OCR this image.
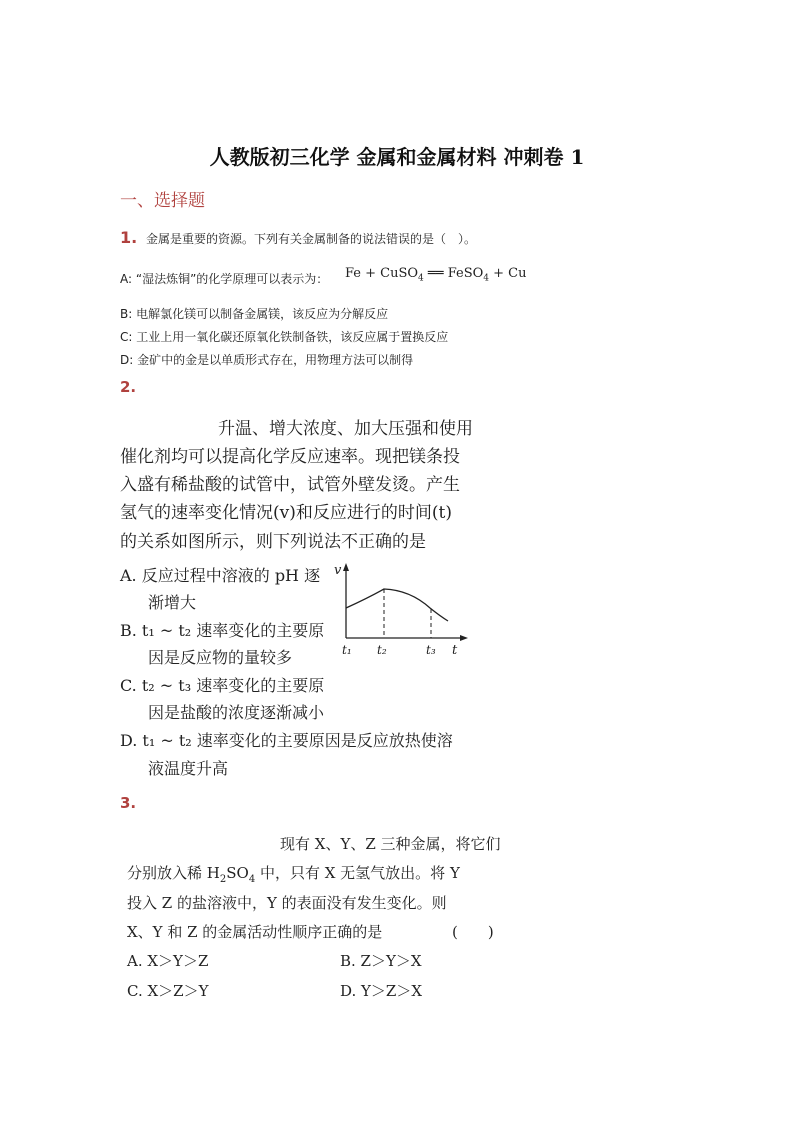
人教版初三化学 金属和金属材料 冲刺卷 1
一、选择题
1. 金属是重要的资源。下列有关金属制备的说法错误的是（　）。
A: “湿法炼铜”的化学原理可以表示为： Fe + CuSO$_4$ ══ FeSO$_4$ + Cu
B: 电解氯化镁可以制备金属镁，该反应为分解反应
C: 工业上用一氧化碳还原氧化铁制备铁，该反应属于置换反应
D: 金矿中的金是以单质形式存在，用物理方法可以制得
2.
升温、增大浓度、加大压强和使用
催化剂均可以提高化学反应速率。现把镁条投
入盛有稀盐酸的试管中，试管外壁发烫。产生
氢气的速率变化情况(v)和反应进行的时间(t)
的关系如图所示，则下列说法不正确的是
A. 反应过程中溶液的 pH 逐
渐增大
B. t₁ ~ t₂ 速率变化的主要原
因是反应物的量较多
C. t₂ ~ t₃ 速率变化的主要原
因是盐酸的浓度逐渐减小
D. t₁ ~ t₂ 速率变化的主要原因是反应放热使溶
液温度升高
v
t
t₁ t₂	t₃
3.
现有 X、Y、Z 三种金属，将它们
分别放入稀 $H_2SO_4$ 中，只有 X 无氢气放出。将 Y
投入 Z 的盐溶液中，Y 的表面没有发生变化。则
X、Y 和 Z 的金属活动性顺序正确的是	(　　)
A. X＞Y＞Z	B. Z＞Y＞X
C. X＞Z＞Y	D. Y＞Z＞X
